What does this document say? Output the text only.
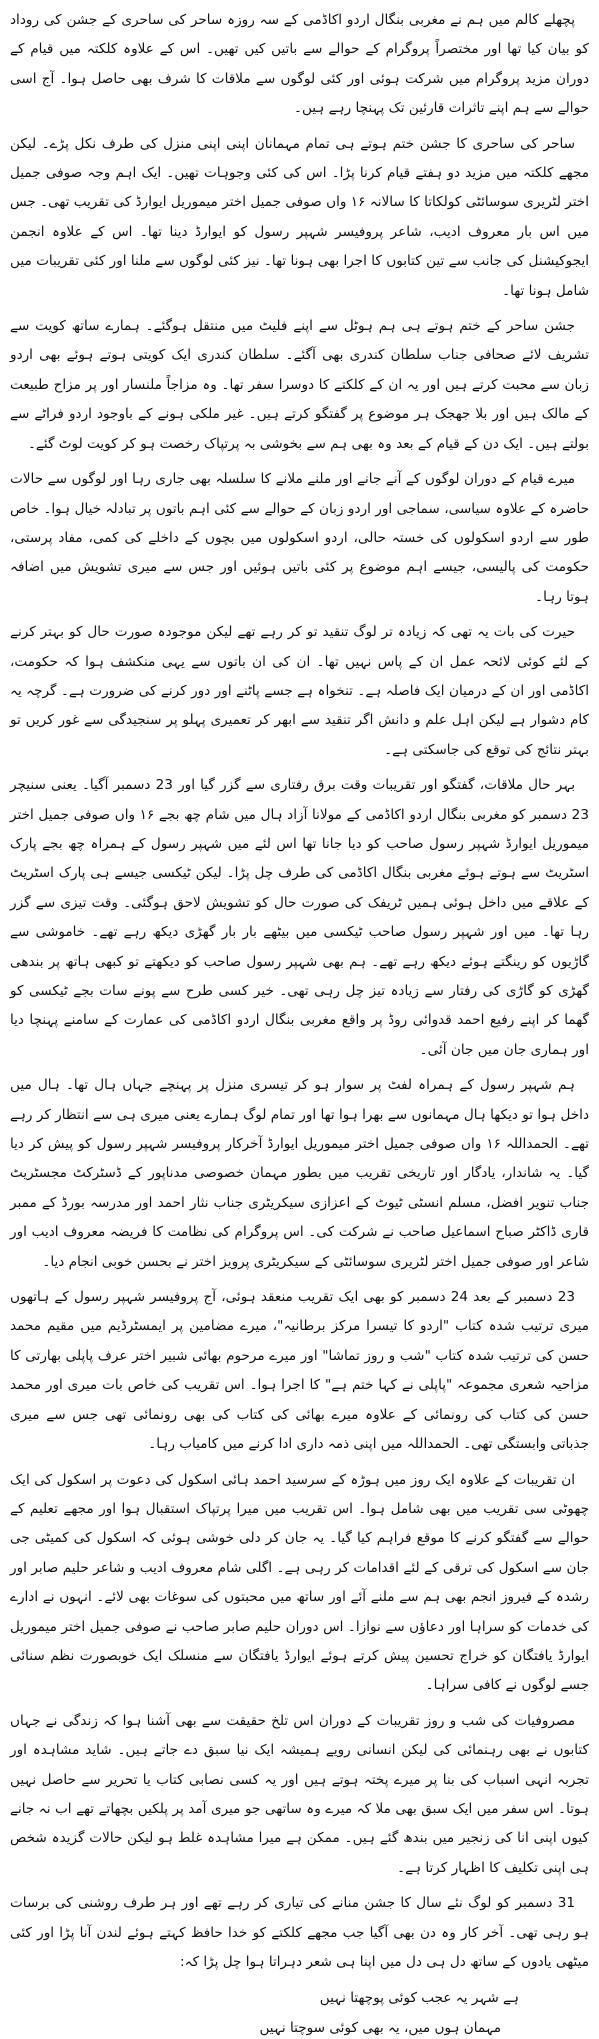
پچھلے کالم میں ہم نے مغربی بنگال اردو اکاڈمی کے سہ روزہ ساحر کی ساحری کے جشن کی روداد کو بیان کیا تھا اور مختصراً پروگرام کے حوالے سے باتیں کیں تھیں۔ اس کے علاوہ کلکتہ میں قیام کے دوران مزید پروگرام میں شرکت ہوئی اور کئی لوگوں سے ملاقات کا شرف بھی حاصل ہوا۔ آج اسی حوالے سے ہم اپنے تاثرات قارئین تک پہنچا رہے ہیں۔

ساحر کی ساحری کا جشن ختم ہوتے ہی تمام مہمانان اپنی اپنی منزل کی طرف نکل پڑے۔ لیکن مجھے کلکتہ میں مزید دو ہفتے قیام کرنا پڑا۔ اس کی کئی وجوہات تھیں۔ ایک اہم وجہ صوفی جمیل اختر لٹریری سوسائٹی کولکاتا کا سالانہ ۱۶ واں صوفی جمیل اختر میموریل ایوارڈ کی تقریب تھی۔ جس میں اس بار معروف ادیب، شاعر پروفیسر شہپر رسول کو ایوارڈ دینا تھا۔ اس کے علاوہ انجمن ایجوکیشنل کی جانب سے تین کتابوں کا اجرا بھی ہونا تھا۔ نیز کئی لوگوں سے ملنا اور کئی تقریبات میں شامل ہونا تھا۔

جشن ساحر کے ختم ہوتے ہی ہم ہوٹل سے اپنے فلیٹ میں منتقل ہوگئے۔ ہمارے ساتھ کویت سے تشریف لائے صحافی جناب سلطان کندری بھی آگئے۔ سلطان کندری ایک کویتی ہوتے ہوئے بھی اردو زبان سے محبت کرتے ہیں اور یہ ان کے کلکتے کا دوسرا سفر تھا۔ وہ مزاجاً ملنسار اور پر مزاح طبیعت کے مالک ہیں اور بلا جھجک ہر موضوع پر گفتگو کرتے ہیں۔ غیر ملکی ہونے کے باوجود اردو فراٹے سے بولتے ہیں۔ ایک دن کے قیام کے بعد وہ بھی ہم سے بخوشی بہ پرتپاک رخصت ہو کر کویت لوٹ گئے۔

میرے قیام کے دوران لوگوں کے آنے جانے اور ملنے ملانے کا سلسلہ بھی جاری رہا اور لوگوں سے حالات حاضرہ کے علاوہ سیاسی، سماجی اور اردو زبان کے حوالے سے کئی اہم باتوں پر تبادلہ خیال ہوا۔ خاص طور سے اردو اسکولوں کی خستہ حالی، اردو اسکولوں میں بچوں کے داخلے کی کمی، مفاد پرستی، حکومت کی پالیسی، جیسے اہم موضوع پر کئی باتیں ہوئیں اور جس سے میری تشویش میں اضافہ ہوتا رہا۔

حیرت کی بات یہ تھی کہ زیادہ تر لوگ تنقید تو کر رہے تھے لیکن موجودہ صورت حال کو بہتر کرنے کے لئے کوئی لائحہ عمل ان کے پاس نہیں تھا۔ ان کی ان باتوں سے یہی منکشف ہوا کہ حکومت، اکاڈمی اور ان کے درمیان ایک فاصلہ ہے۔ تنخواہ ہے جسے پاٹنے اور دور کرنے کی ضرورت ہے۔ گرچہ یہ کام دشوار ہے لیکن اہل علم و دانش اگر تنقید سے ابھر کر تعمیری پہلو پر سنجیدگی سے غور کریں تو بہتر نتائج کی توقع کی جاسکتی ہے۔

بہر حال ملاقات، گفتگو اور تقریبات وقت برق رفتاری سے گزر گیا اور 23 دسمبر آگیا۔ یعنی سنیچر 23 دسمبر کو مغربی بنگال اردو اکاڈمی کے مولانا آزاد ہال میں شام چھ بجے ۱۶ واں صوفی جمیل اختر میموریل ایوارڈ شہپر رسول صاحب کو دیا جانا تھا اس لئے میں شہپر رسول کے ہمراہ چھ بجے پارک اسٹریٹ سے ہوتے ہوئے مغربی بنگال اکاڈمی کی طرف چل پڑا۔ لیکن ٹیکسی جیسے ہی پارک اسٹریٹ کے علاقے میں داخل ہوئی ہمیں ٹریفک کی صورت حال کو تشویش لاحق ہوگئی۔ وقت تیزی سے گزر رہا تھا۔ میں اور شہپر رسول صاحب ٹیکسی میں بیٹھے بار بار گھڑی دیکھ رہے تھے۔ خاموشی سے گاڑیوں کو رینگتے ہوئے دیکھ رہے تھے۔ ہم بھی شہپر رسول صاحب کو دیکھتے تو کبھی ہاتھ پر بندھی گھڑی کو گاڑی کی رفتار سے زیادہ تیز چل رہی تھی۔ خیر کسی طرح سے پونے سات بجے ٹیکسی کو گھما کر اپنے رفیع احمد قدوائی روڈ پر واقع مغربی بنگال اردو اکاڈمی کی عمارت کے سامنے پہنچا دیا اور ہماری جان میں جان آئی۔

ہم شہپر رسول کے ہمراہ لفٹ پر سوار ہو کر تیسری منزل پر پہنچے جہاں ہال تھا۔ ہال میں داخل ہوا تو دیکھا ہال مہمانوں سے بھرا ہوا تھا اور تمام لوگ ہمارے یعنی میری ہی سے انتظار کر رہے تھے۔ الحمداللہ ۱۶ واں صوفی جمیل اختر میموریل ایوارڈ آخرکار پروفیسر شہپر رسول کو پیش کر دیا گیا۔ یہ شاندار، یادگار اور تاریخی تقریب میں بطور مہمان خصوصی مدناپور کے ڈسٹرکٹ مجسٹریٹ جناب تنویر افضل، مسلم انسٹی ٹیوٹ کے اعزازی سیکریٹری جناب نثار احمد اور مدرسہ بورڈ کے ممبر قاری ڈاکٹر صباح اسماعیل صاحب نے شرکت کی۔ اس پروگرام کی نظامت کا فریضہ معروف ادیب اور شاعر اور صوفی جمیل اختر لٹریری سوسائٹی کے سیکریٹری پرویز اختر نے بحسن خوبی انجام دیا۔

23 دسمبر کے بعد 24 دسمبر کو بھی ایک تقریب منعقد ہوئی، آج پروفیسر شہپر رسول کے ہاتھوں میری ترتیب شدہ کتاب "اردو کا تیسرا مرکز برطانیہ"، میرے مضامین پر ایمسٹرڈیم میں مقیم محمد حسن کی ترتیب شدہ کتاب "شب و روز تماشا" اور میرے مرحوم بھائی شبیر اختر عرف پاپلی بھارتی کا مزاحیہ شعری مجموعہ "پاپلی نے کہا ختم ہے" کا اجرا ہوا۔ اس تقریب کی خاص بات میری اور محمد حسن کی کتاب کی رونمائی کے علاوہ میرے بھائی کی کتاب کی بھی رونمائی تھی جس سے میری جذباتی وابستگی تھی۔ الحمداللہ میں اپنی ذمہ داری ادا کرنے میں کامیاب رہا۔

ان تقریبات کے علاوہ ایک روز میں ہوڑہ کے سرسید احمد ہائی اسکول کی دعوت پر اسکول کی ایک چھوٹی سی تقریب میں بھی شامل ہوا۔ اس تقریب میں میرا پرتپاک استقبال ہوا اور مجھے تعلیم کے حوالے سے گفتگو کرنے کا موقع فراہم کیا گیا۔ یہ جان کر دلی خوشی ہوئی کہ اسکول کی کمیٹی جی جان سے اسکول کی ترقی کے لئے اقدامات کر رہی ہے۔ اگلی شام معروف ادیب و شاعر حلیم صابر اور رشدہ کے فیروز انجم بھی ہم سے ملنے آئے اور ساتھ میں محبتوں کی سوغات بھی لائے۔ انہوں نے ادارے کی خدمات کو سراہا اور دعاؤں سے نوازا۔ اس دوران حلیم صابر صاحب نے صوفی جمیل اختر میموریل ایوارڈ یافتگان کو خراج تحسین پیش کرتے ہوئے ایوارڈ یافتگان سے منسلک ایک خوبصورت نظم سنائی جسے لوگوں نے کافی سراہا۔

مصروفیات کی شب و روز تقریبات کے دوران اس تلخ حقیقت سے بھی آشنا ہوا کہ زندگی نے جہاں کتابوں نے بھی رہنمائی کی لیکن انسانی رویے ہمیشہ ایک نیا سبق دے جاتے ہیں۔ شاید مشاہدہ اور تجربہ انہی اسباب کی بنا پر میرے پختہ ہوتے ہیں اور یہ کسی نصابی کتاب یا تحریر سے حاصل نہیں ہوتا۔ اس سفر میں ایک سبق بھی ملا کہ میرے وہ ساتھی جو میری آمد پر پلکیں بچھاتے تھے اب نہ جانے کیوں اپنی انا کی زنجیر میں بندھ گئے ہیں۔ ممکن ہے میرا مشاہدہ غلط ہو لیکن حالات گزیدہ شخص ہی اپنی تکلیف کا اظہار کرتا ہے۔

31 دسمبر کو لوگ نئے سال کا جشن منانے کی تیاری کر رہے تھے اور ہر طرف روشنی کی برسات ہو رہی تھی۔ آخر کار وہ دن بھی آگیا جب مجھے کلکتے کو خدا حافظ کہتے ہوئے لندن آنا پڑا اور کئی میٹھی یادوں کے ساتھ دل ہی دل میں اپنا ہی شعر دہراتا ہوا چل پڑا کہ:

ہے شہر یہ عجب کوئی پوچھتا نہیں
مہمان ہوں میں، یہ بھی کوئی سوچتا نہیں
